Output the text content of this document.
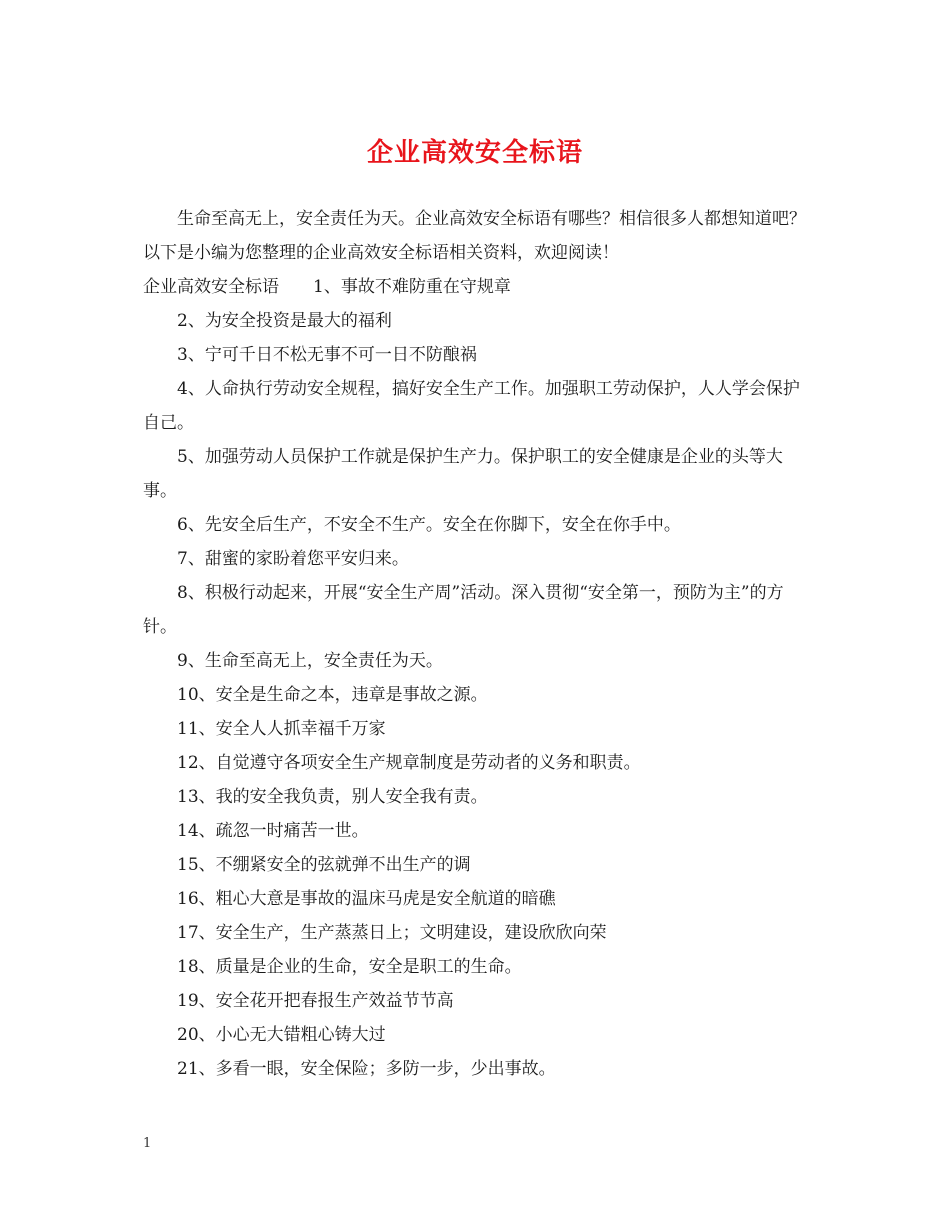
企业高效安全标语

生命至高无上，安全责任为天。企业高效安全标语有哪些？相信很多人都想知道吧？以下是小编为您整理的企业高效安全标语相关资料，欢迎阅读！

企业高效安全标语　　1、事故不难防重在守规章

2、为安全投资是最大的福利

3、宁可千日不松无事不可一日不防酿祸

4、人命执行劳动安全规程，搞好安全生产工作。加强职工劳动保护，人人学会保护自己。

5、加强劳动人员保护工作就是保护生产力。保护职工的安全健康是企业的头等大事。

6、先安全后生产，不安全不生产。安全在你脚下，安全在你手中。

7、甜蜜的家盼着您平安归来。

8、积极行动起来，开展“安全生产周”活动。深入贯彻“安全第一，预防为主”的方针。

9、生命至高无上，安全责任为天。

10、安全是生命之本，违章是事故之源。

11、安全人人抓幸福千万家

12、自觉遵守各项安全生产规章制度是劳动者的义务和职责。

13、我的安全我负责，别人安全我有责。

14、疏忽一时痛苦一世。

15、不绷紧安全的弦就弹不出生产的调

16、粗心大意是事故的温床马虎是安全航道的暗礁

17、安全生产，生产蒸蒸日上；文明建设，建设欣欣向荣

18、质量是企业的生命，安全是职工的生命。

19、安全花开把春报生产效益节节高

20、小心无大错粗心铸大过

21、多看一眼，安全保险；多防一步，少出事故。

1
